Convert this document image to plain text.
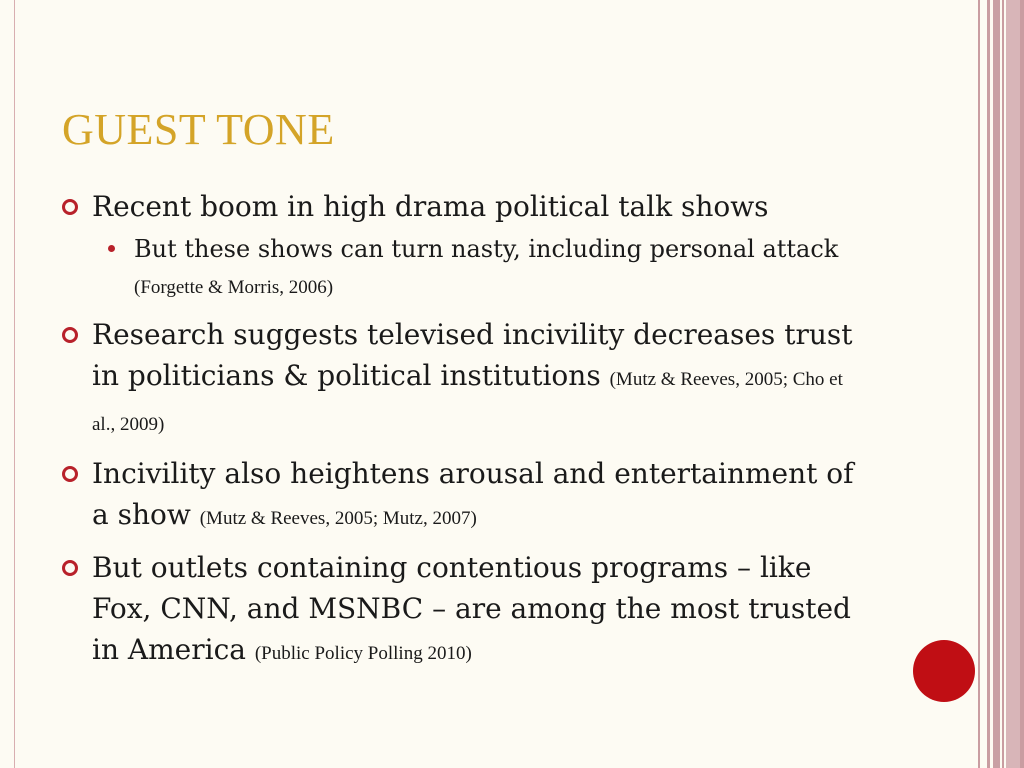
GUEST TONE
Recent boom in high drama political talk shows
But these shows can turn nasty, including personal attack (Forgette & Morris, 2006)
Research suggests televised incivility decreases trust in politicians & political institutions (Mutz & Reeves, 2005; Cho et al., 2009)
Incivility also heightens arousal and entertainment of a show (Mutz & Reeves, 2005; Mutz, 2007)
But outlets containing contentious programs – like Fox, CNN, and MSNBC – are among the most trusted in America (Public Policy Polling 2010)
